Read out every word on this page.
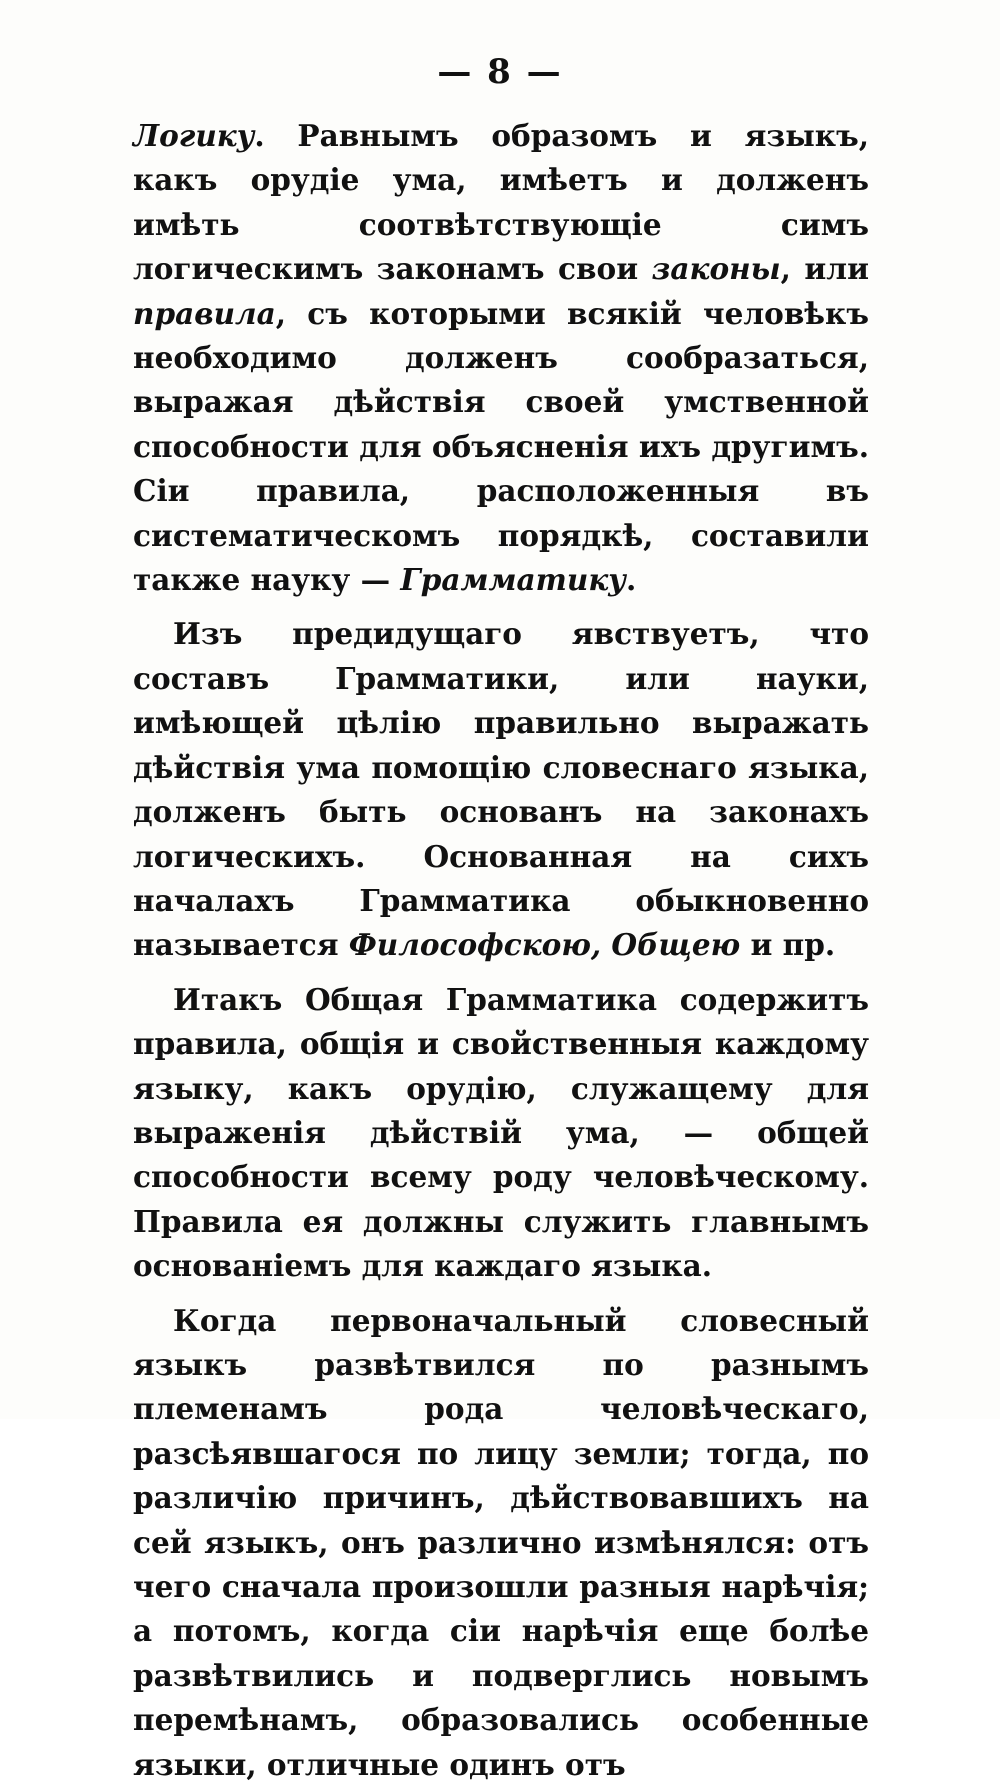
— 8 —

Логику. Равнымъ образомъ и языкъ, какъ орудіе ума, имѣетъ и долженъ имѣть соотвѣтствующіе симъ логическимъ законамъ свои законы, или правила, съ которыми всякій человѣкъ необходимо долженъ сообразаться, выражая дѣйствія своей умственной способности для объясненія ихъ другимъ. Сіи правила, расположенныя въ систематическомъ порядкѣ, составили также науку — Грамматику.

Изъ предидущаго явствуетъ, что составъ Грамматики, или науки, имѣющей цѣлію правильно выражать дѣйствія ума помощію словеснаго языка, долженъ быть основанъ на законахъ логическихъ. Основанная на сихъ началахъ Грамматика обыкновенно называется Философскою, Общею и пр.

Итакъ Общая Грамматика содержитъ правила, общія и свойственныя каждому языку, какъ орудію, служащему для выраженія дѣйствій ума, — общей способности всему роду человѣческому. Правила ея должны служить главнымъ основаніемъ для каждаго языка.

Когда первоначальный словесный языкъ развѣтвился по разнымъ племенамъ рода человѣческаго, разсѣявшагося по лицу земли; тогда, по различію причинъ, дѣйствовавшихъ на сей языкъ, онъ различно измѣнялся: отъ чего сначала произошли разныя нарѣчія; а потомъ, когда сіи нарѣчія еще болѣе развѣтвились и подверглись новымъ перемѣнамъ, образовались особенные языки, отличные одинъ отъ
